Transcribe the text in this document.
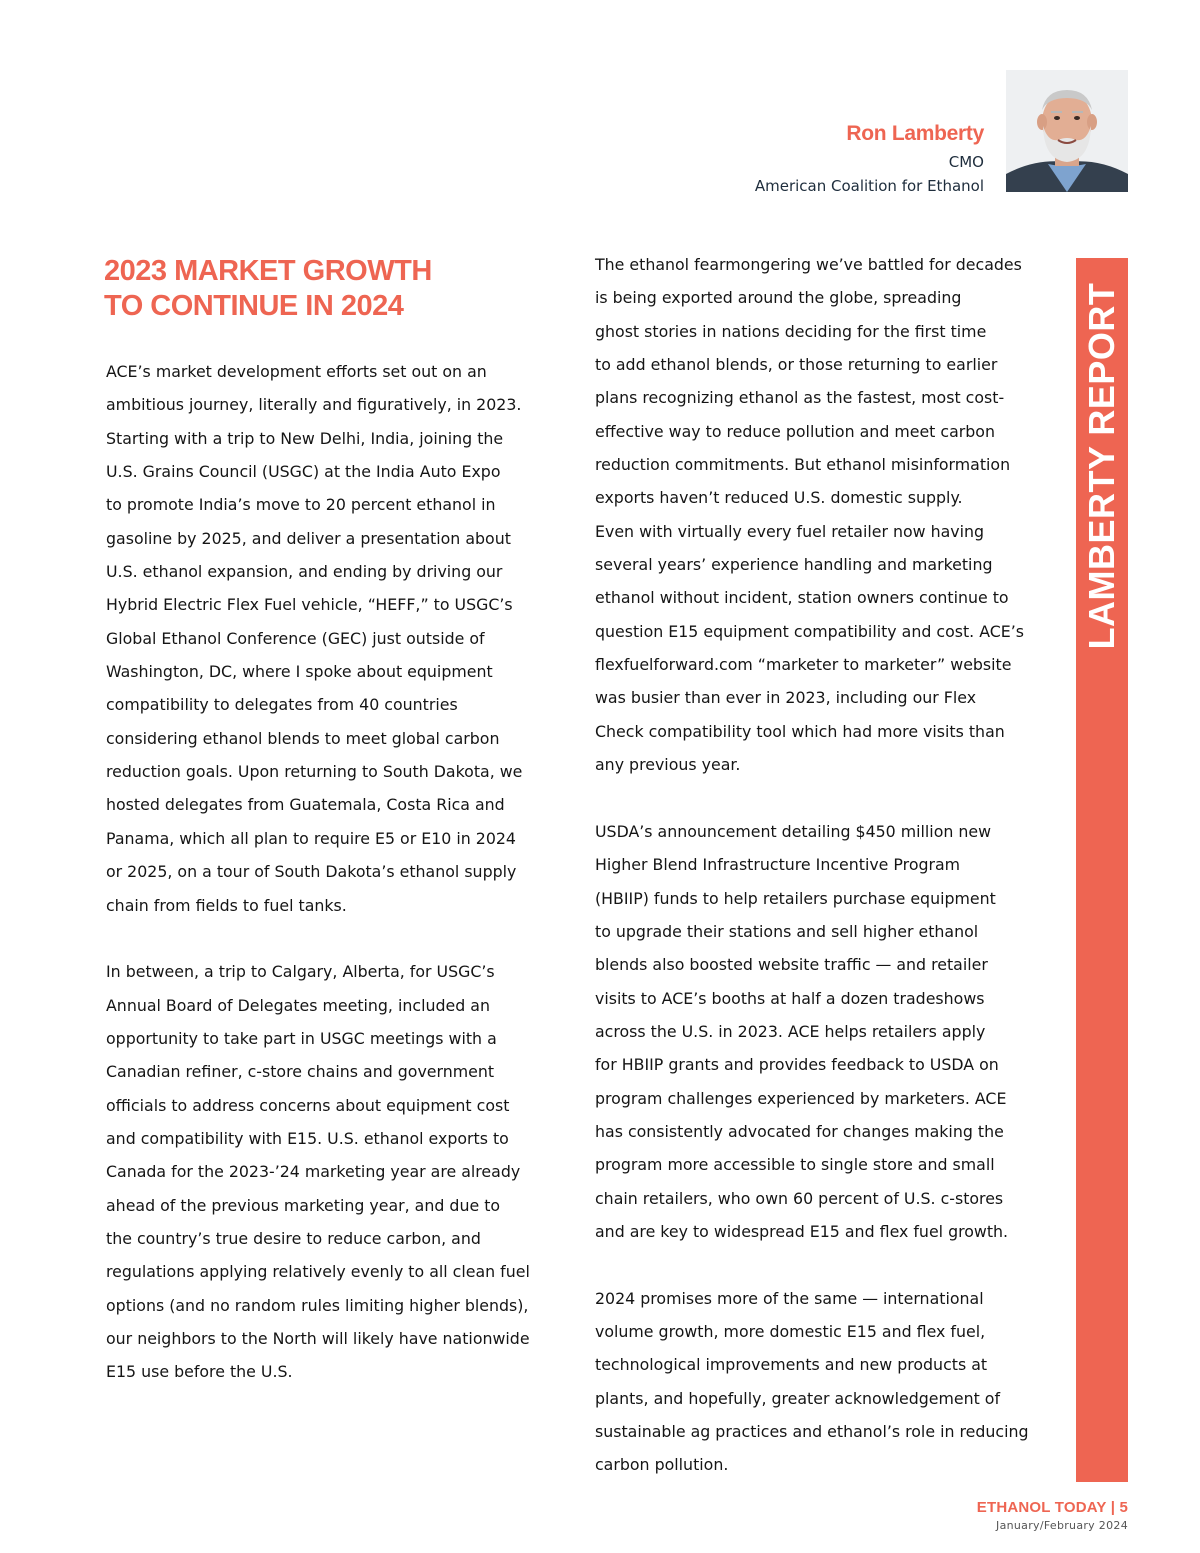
Ron Lamberty
CMO
American Coalition for Ethanol
2023 MARKET GROWTH
TO CONTINUE IN 2024
ACE’s market development efforts set out on an
ambitious journey, literally and figuratively, in 2023.
Starting with a trip to New Delhi, India, joining the
U.S. Grains Council (USGC) at the India Auto Expo
to promote India’s move to 20 percent ethanol in
gasoline by 2025, and deliver a presentation about
U.S. ethanol expansion, and ending by driving our
Hybrid Electric Flex Fuel vehicle, “HEFF,” to USGC’s
Global Ethanol Conference (GEC) just outside of
Washington, DC, where I spoke about equipment
compatibility to delegates from 40 countries
considering ethanol blends to meet global carbon
reduction goals. Upon returning to South Dakota, we
hosted delegates from Guatemala, Costa Rica and
Panama, which all plan to require E5 or E10 in 2024
or 2025, on a tour of South Dakota’s ethanol supply
chain from fields to fuel tanks.
In between, a trip to Calgary, Alberta, for USGC’s
Annual Board of Delegates meeting, included an
opportunity to take part in USGC meetings with a
Canadian refiner, c-store chains and government
officials to address concerns about equipment cost
and compatibility with E15. U.S. ethanol exports to
Canada for the 2023-’24 marketing year are already
ahead of the previous marketing year, and due to
the country’s true desire to reduce carbon, and
regulations applying relatively evenly to all clean fuel
options (and no random rules limiting higher blends),
our neighbors to the North will likely have nationwide
E15 use before the U.S.
The ethanol fearmongering we’ve battled for decades
is being exported around the globe, spreading
ghost stories in nations deciding for the first time
to add ethanol blends, or those returning to earlier
plans recognizing ethanol as the fastest, most cost-
effective way to reduce pollution and meet carbon
reduction commitments. But ethanol misinformation
exports haven’t reduced U.S. domestic supply.
Even with virtually every fuel retailer now having
several years’ experience handling and marketing
ethanol without incident, station owners continue to
question E15 equipment compatibility and cost. ACE’s
flexfuelforward.com “marketer to marketer” website
was busier than ever in 2023, including our Flex
Check compatibility tool which had more visits than
any previous year.
USDA’s announcement detailing $450 million new
Higher Blend Infrastructure Incentive Program
(HBIIP) funds to help retailers purchase equipment
to upgrade their stations and sell higher ethanol
blends also boosted website traffic — and retailer
visits to ACE’s booths at half a dozen tradeshows
across the U.S. in 2023. ACE helps retailers apply
for HBIIP grants and provides feedback to USDA on
program challenges experienced by marketers. ACE
has consistently advocated for changes making the
program more accessible to single store and small
chain retailers, who own 60 percent of U.S. c-stores
and are key to widespread E15 and flex fuel growth.
2024 promises more of the same — international
volume growth, more domestic E15 and flex fuel,
technological improvements and new products at
plants, and hopefully, greater acknowledgement of
sustainable ag practices and ethanol’s role in reducing
carbon pollution.
LAMBERTY REPORT
ETHANOL TODAY | 5
January/February 2024
